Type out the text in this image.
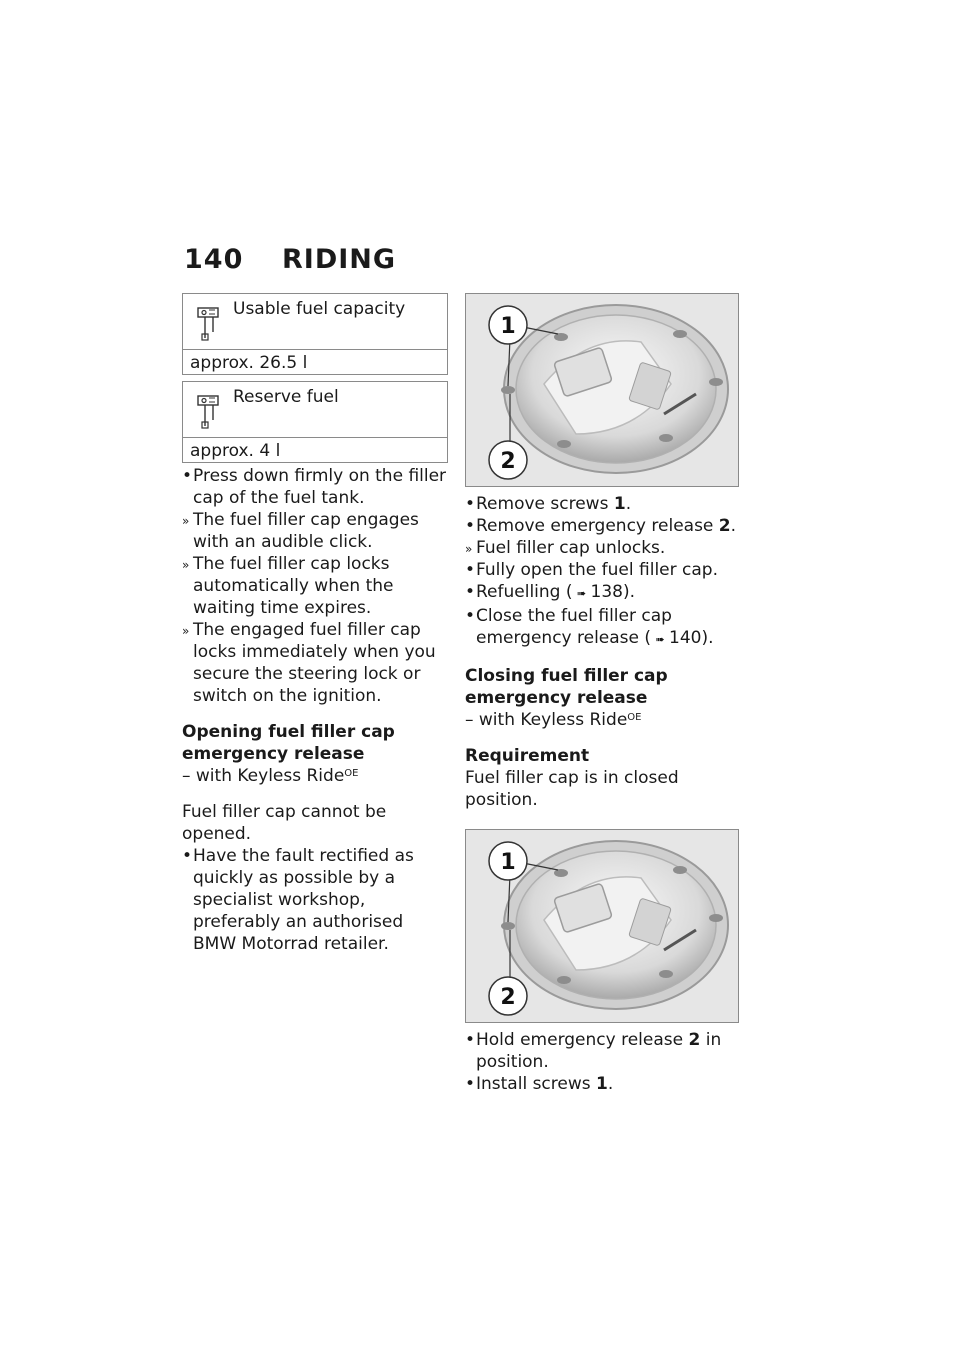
140	RIDING
Usable fuel capacity
approx. 26.5 l
Reserve fuel
approx. 4 l
•
Press down firmly on the filler cap of the fuel tank.
»
The fuel filler cap engages with an audible click.
»
The fuel filler cap locks automatically when the waiting time expires.
»
The engaged fuel filler cap locks immediately when you secure the steering lock or switch on the ignition.
Opening fuel filler cap
emergency release
– with Keyless Ride$^{OE}$
Fuel filler cap cannot be opened.
•
Have the fault rectified as quickly as possible by a specialist workshop, preferably an authorised BMW Motorrad retailer.
1
2
•
Remove screws 1.
•
Remove emergency release 2.
»
Fuel filler cap unlocks.
•
Fully open the fuel filler cap.
•
Refuelling ( ➠ 138).
•
Close the fuel filler cap emergency release ( ➠ 140).
Closing fuel filler cap
emergency release
– with Keyless Ride$^{OE}$
Requirement
Fuel filler cap is in closed position.
1
2
•
Hold emergency release 2 in position.
•
Install screws 1.
